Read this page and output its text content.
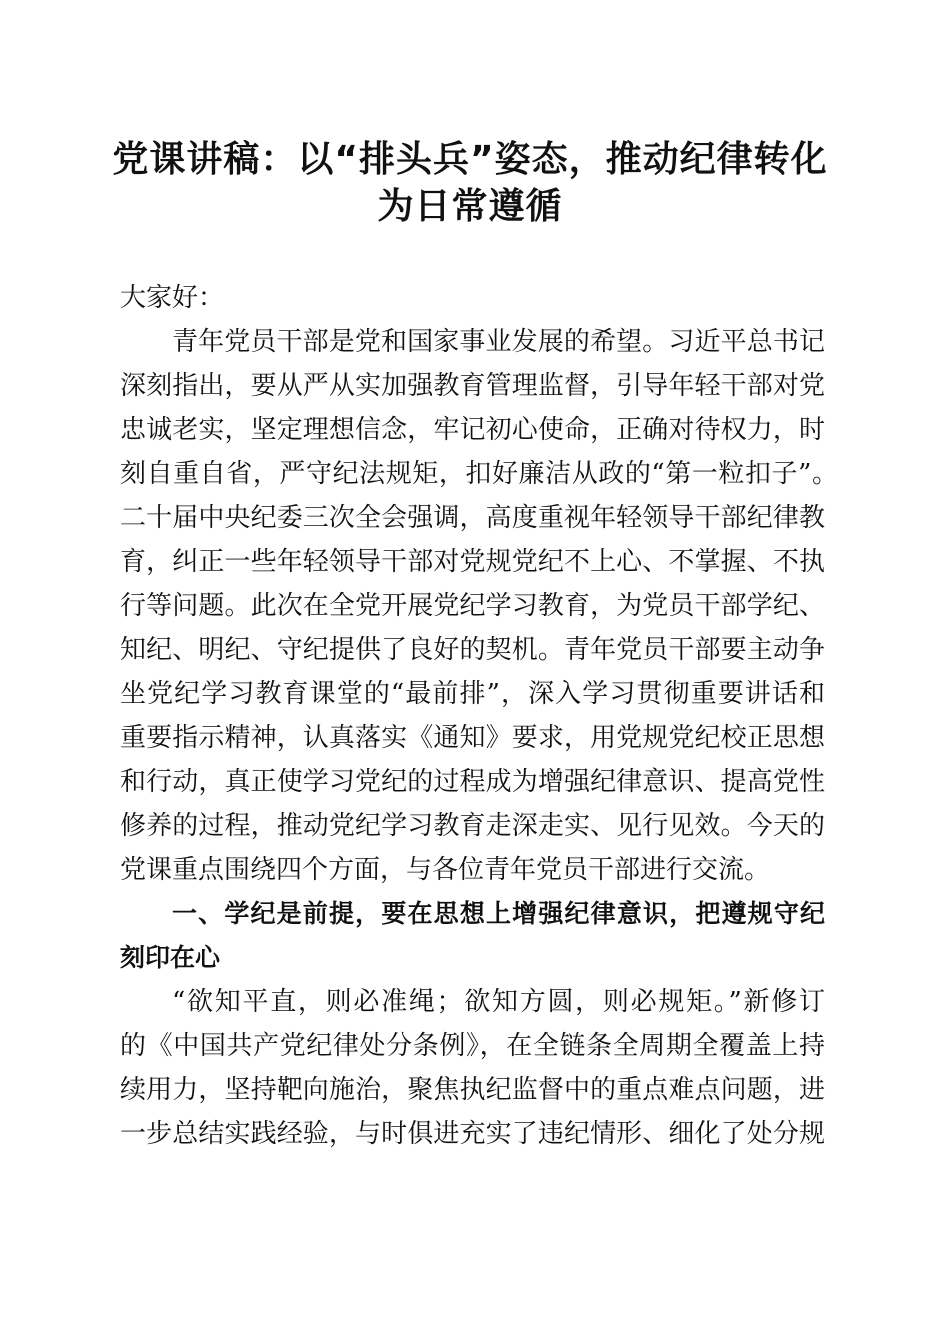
党课讲稿：以“排头兵”姿态，推动纪律转化
为日常遵循
大家好：
青年党员干部是党和国家事业发展的希望。习近平总书记
深刻指出，要从严从实加强教育管理监督，引导年轻干部对党
忠诚老实，坚定理想信念，牢记初心使命，正确对待权力，时
刻自重自省，严守纪法规矩，扣好廉洁从政的“第一粒扣子”。
二十届中央纪委三次全会强调，高度重视年轻领导干部纪律教
育，纠正一些年轻领导干部对党规党纪不上心、不掌握、不执
行等问题。此次在全党开展党纪学习教育，为党员干部学纪、
知纪、明纪、守纪提供了良好的契机。青年党员干部要主动争
坐党纪学习教育课堂的“最前排”，深入学习贯彻重要讲话和
重要指示精神，认真落实《通知》要求，用党规党纪校正思想
和行动，真正使学习党纪的过程成为增强纪律意识、提高党性
修养的过程，推动党纪学习教育走深走实、见行见效。今天的
党课重点围绕四个方面，与各位青年党员干部进行交流。
一、学纪是前提，要在思想上增强纪律意识，把遵规守纪
刻印在心
“欲知平直，则必准绳；欲知方圆，则必规矩。”新修订
的《中国共产党纪律处分条例》，在全链条全周期全覆盖上持
续用力，坚持靶向施治，聚焦执纪监督中的重点难点问题，进
一步总结实践经验，与时俱进充实了违纪情形、细化了处分规
